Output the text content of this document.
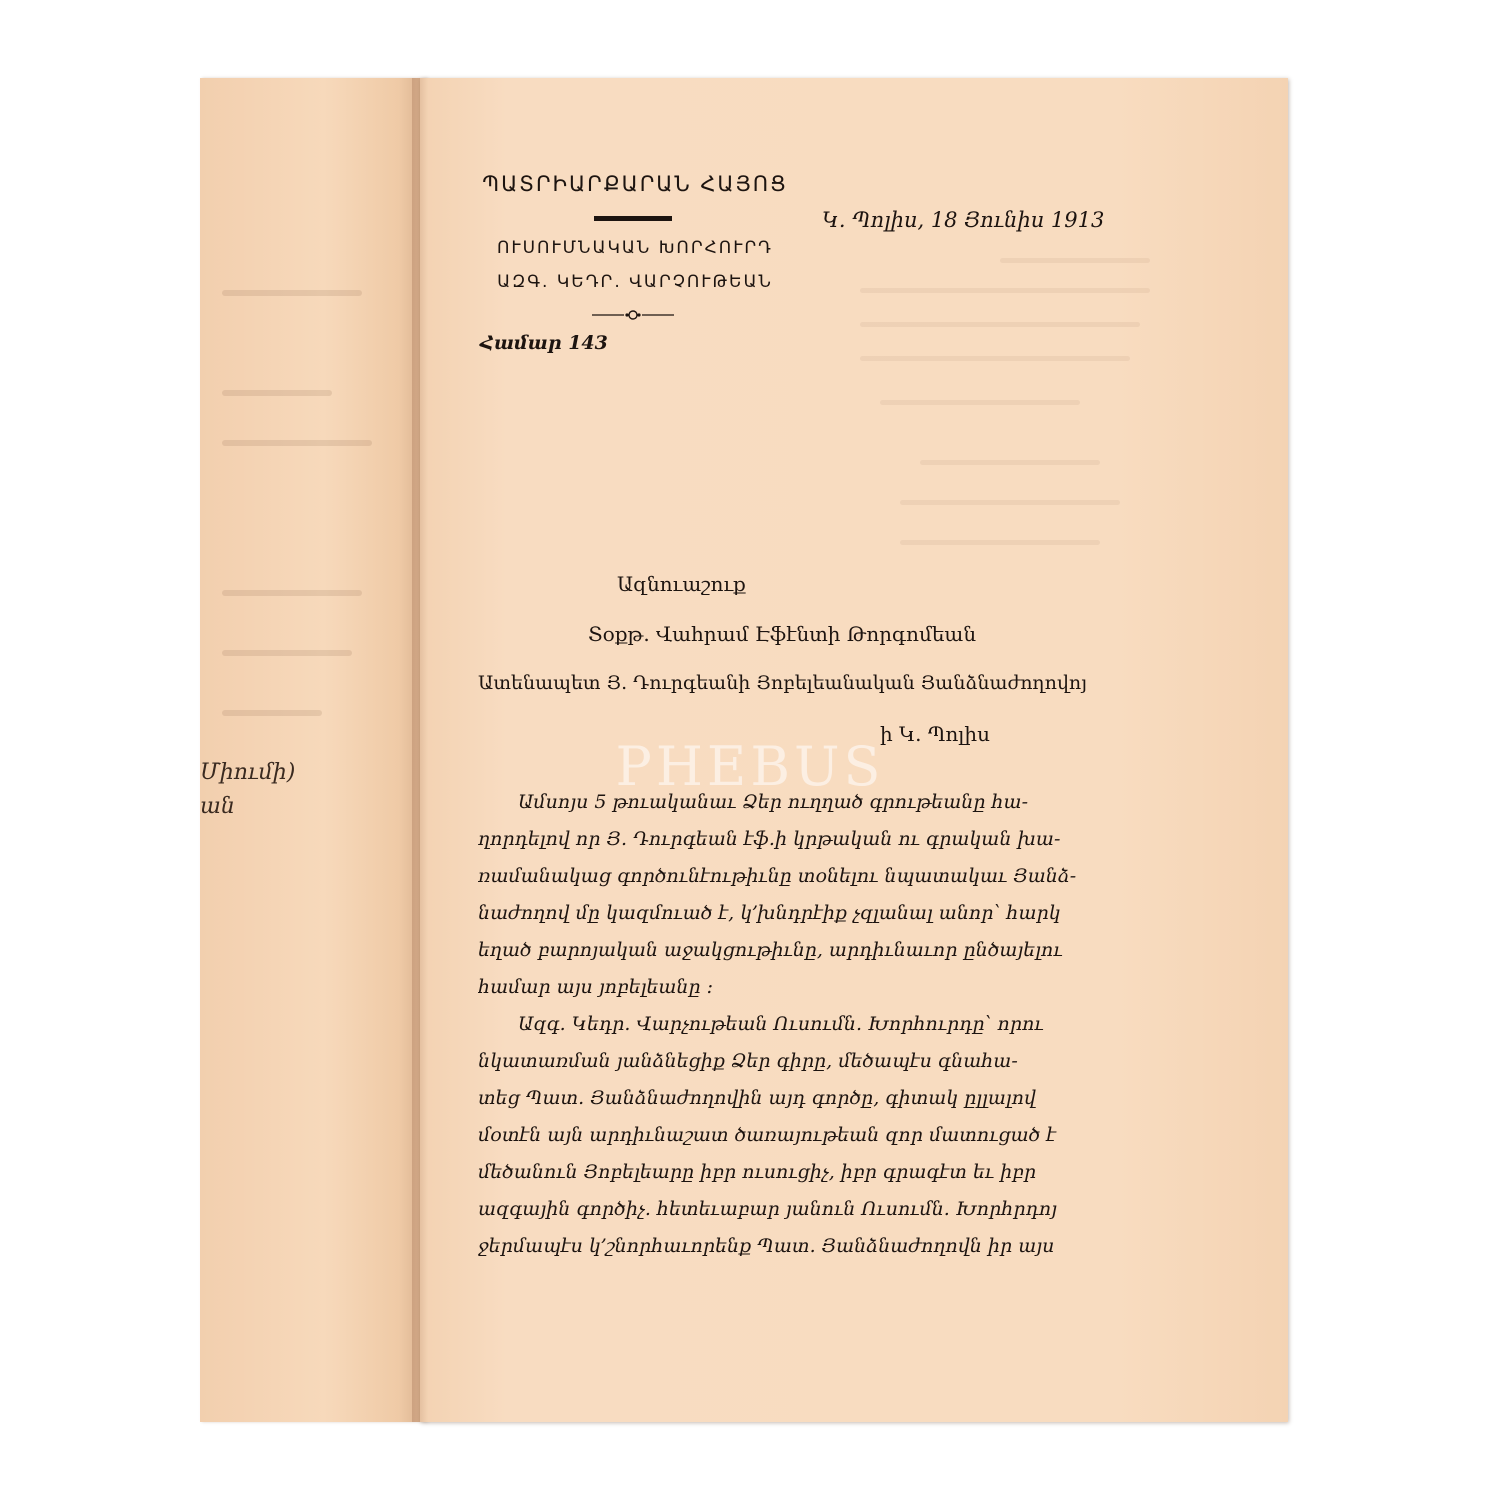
Միումի)
ան
ՊԱՏՐԻԱՐՔԱՐԱՆ ՀԱՅՈՑ
ՈՒՍՈՒՄՆԱԿԱՆ ԽՈՐՀՈՒՐԴ
ԱԶԳ. ԿԵԴՐ. ՎԱՐՉՈՒԹԵԱՆ
Համար 143
Կ. Պոլիս, 18 Յունիս 1913
Ազնուաշուք
Տօքթ. Վահրամ Էֆէնտի Թորգոմեան
Ատենապետ Յ. Դուրգեանի Յոբելեանական Յանձնաժողովոյ
ի Կ. Պոլիս
Ամսոյս 5 թուականաւ Ձեր ուղղած գրութեանը հա-
ղորդելով որ Յ. Դուրգեան էֆ.ի կրթական ու գրական խա-
ռամանակաց գործունէութիւնը տօնելու նպատակաւ Յանձ-
նաժողով մը կազմուած է, կ՚խնդրէիք չզլանալ անոր՝ հարկ
եղած բարոյական աջակցութիւնը, արդիւնաւոր ընծայելու
համար այս յոբելեանը :
Ազգ. Կեդր. Վարչութեան Ուսումն. Խորհուրդը՝ որու
նկատառման յանձնեցիք Ձեր գիրը, մեծապէս գնահա-
տեց Պատ. Յանձնաժողովին այդ գործը, գիտակ ըլլալով
մօտէն այն արդիւնաշատ ծառայութեան զոր մատուցած է
մեծանուն Յոբելեարը իբր ուսուցիչ, իբր գրագէտ եւ իբր
ազգային գործիչ. հետեւաբար յանուն Ուսումն. Խորհրդոյ
ջերմապէս կ՚շնորհաւորենք Պատ. Յանձնաժողովն իր այս
PHEBUS
